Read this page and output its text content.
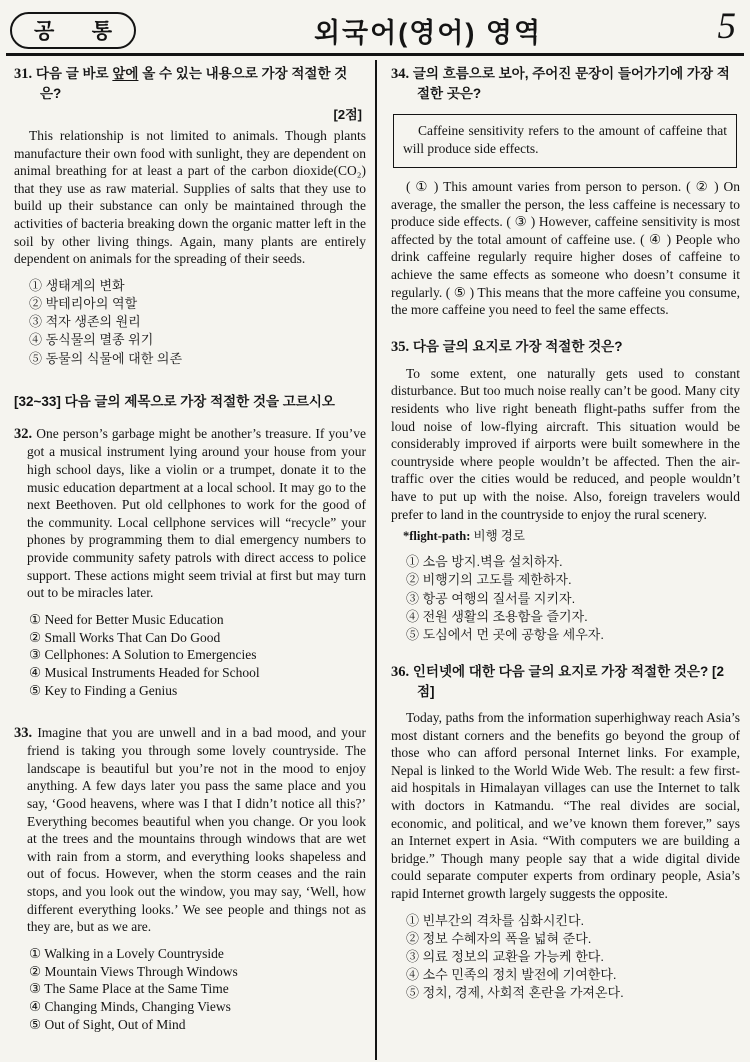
공 통	외국어(영어) 영역	5

31. 다음 글 바로 앞에 올 수 있는 내용으로 가장 적절한 것은?

[2점]

This relationship is not limited to animals. Though plants manufacture their own food with sunlight, they are dependent on animal breathing for at least a part of the carbon dioxide(CO₂) that they use as raw material. Supplies of salts that they use to build up their substance can only be maintained through the activities of bacteria breaking down the organic matter left in the soil by other living things. Again, many plants are entirely dependent on animals for the spreading of their seeds.

① 생태계의 변화
② 박테리아의 역할
③ 적자 생존의 원리
④ 동식물의 멸종 위기
⑤ 동물의 식물에 대한 의존
[32~33] 다음 글의 제목으로 가장 적절한 것을 고르시오

32. One person’s garbage might be another’s treasure. If you’ve got a musical instrument lying around your house from your high school days, like a violin or a trumpet, donate it to the music education department at a local school. It may go to the next Beethoven. Put old cellphones to work for the good of the community. Local cellphone services will “recycle” your phones by programming them to dial emergency numbers to provide community safety patrols with direct access to police support. These actions might seem trivial at first but may turn out to be miracles later.

① Need for Better Music Education
② Small Works That Can Do Good
③ Cellphones: A Solution to Emergencies
④ Musical Instruments Headed for School
⑤ Key to Finding a Genius

33. Imagine that you are unwell and in a bad mood, and your friend is taking you through some lovely countryside. The landscape is beautiful but you’re not in the mood to enjoy anything. A few days later you pass the same place and you say, ‘Good heavens, where was I that I didn’t notice all this?’ Everything becomes beautiful when you change. Or you look at the trees and the mountains through windows that are wet with rain from a storm, and everything looks shapeless and out of focus. However, when the storm ceases and the rain stops, and you look out the window, you may say, ‘Well, how different everything looks.’ We see people and things not as they are, but as we are.

① Walking in a Lovely Countryside
② Mountain Views Through Windows
③ The Same Place at the Same Time
④ Changing Minds, Changing Views
⑤ Out of Sight, Out of Mind

34. 글의 흐름으로 보아, 주어진 문장이 들어가기에 가장 적절한 곳은?

Caffeine sensitivity refers to the amount of caffeine that will produce side effects.

( ① ) This amount varies from person to person. ( ② ) On average, the smaller the person, the less caffeine is necessary to produce side effects. ( ③ ) However, caffeine sensitivity is most affected by the total amount of caffeine use. ( ④ ) People who drink caffeine regularly require higher doses of caffeine to achieve the same effects as someone who doesn’t consume it regularly. ( ⑤ ) This means that the more caffeine you consume, the more caffeine you need to feel the same effects.

35. 다음 글의 요지로 가장 적절한 것은?

To some extent, one naturally gets used to constant disturbance. But too much noise really can’t be good. Many city residents who live right beneath flight-paths suffer from the loud noise of low-flying aircraft. This situation would be considerably improved if airports were built somewhere in the countryside where people wouldn’t be affected. Then the air-traffic over the cities would be reduced, and people wouldn’t have to put up with the noise. Also, foreign travelers would prefer to land in the countryside to enjoy the rural scenery.

*flight-path: 비행 경로

① 소음 방지.벽을 설치하자.
② 비행기의 고도를 제한하자.
③ 항공 여행의 질서를 지키자.
④ 전원 생활의 조용함을 즐기자.
⑤ 도심에서 먼 곳에 공항을 세우자.

36. 인터넷에 대한 다음 글의 요지로 가장 적절한 것은? [2점]

Today, paths from the information superhighway reach Asia’s most distant corners and the benefits go beyond the group of those who can afford personal Internet links. For example, Nepal is linked to the World Wide Web. The result: a few first-aid hospitals in Himalayan villages can use the Internet to talk with doctors in Katmandu. “The real divides are social, economic, and political, and we’ve known them forever,” says an Internet expert in Asia. “With computers we are building a bridge.” Though many people say that a wide digital divide could separate computer experts from ordinary people, Asia’s rapid Internet growth largely suggests the opposite.

① 빈부간의 격차를 심화시킨다.
② 정보 수혜자의 폭을 넓혀 준다.
③ 의료 정보의 교환을 가능케 한다.
④ 소수 민족의 정치 발전에 기여한다.
⑤ 정치, 경제, 사회적 혼란을 가져온다.
